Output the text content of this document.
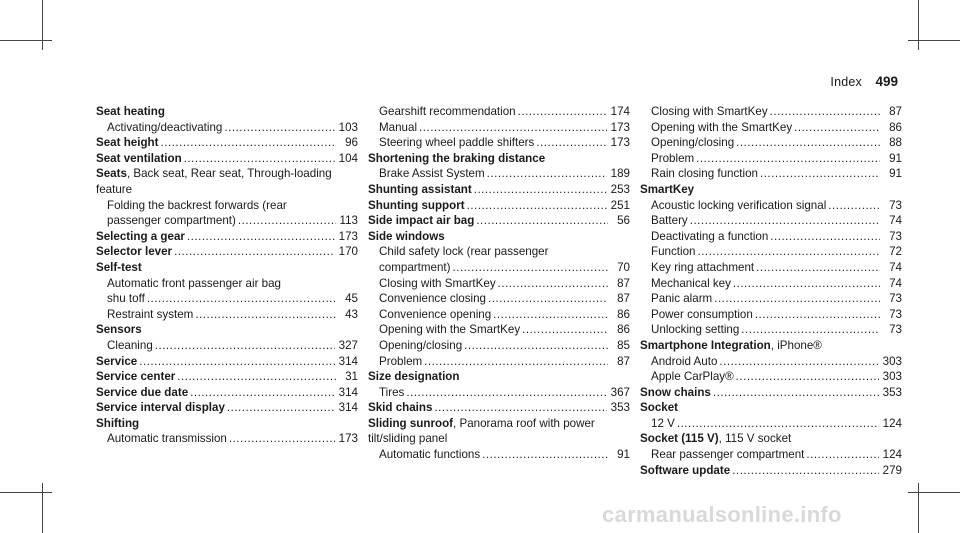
Index 499
Seat heating
Activating/deactivating .....	103
Seat height .....	96
Seat ventilation .....	104
Seats, Back seat, Rear seat, Through-loading feature
Folding the backrest forwards (rear
passenger compartment) .....	113
Selecting a gear .....	173
Selector lever .....	170
Self-test
Automatic front passenger air bag
shu toff .....	45
Restraint system .....	43
Sensors
Cleaning .....	327
Service .....	314
Service center .....	31
Service due date .....	314
Service interval display .....	314
Shifting
Automatic transmission .....	173
Gearshift recommendation .....	174
Manual .....	173
Steering wheel paddle shifters .....	173
Shortening the braking distance
Brake Assist System .....	189
Shunting assistant .....	253
Shunting support .....	251
Side impact air bag .....	56
Side windows
Child safety lock (rear passenger
compartment) .....	70
Closing with SmartKey .....	87
Convenience closing .....	87
Convenience opening .....	86
Opening with the SmartKey .....	86
Opening/closing .....	85
Problem .....	87
Size designation
Tires .....	367
Skid chains .....	353
Sliding sunroof, Panorama roof with power tilt/sliding panel
Automatic functions .....	91
Closing with SmartKey .....	87
Opening with the SmartKey .....	86
Opening/closing .....	88
Problem .....	91
Rain closing function .....	91
SmartKey
Acoustic locking verification signal .....	73
Battery .....	74
Deactivating a function .....	73
Function .....	72
Key ring attachment .....	74
Mechanical key .....	74
Panic alarm .....	73
Power consumption .....	73
Unlocking setting .....	73
Smartphone Integration, iPhone®
Android Auto .....	303
Apple CarPlay® .....	303
Snow chains .....	353
Socket
12 V .....	124
Socket (115 V), 115 V socket
Rear passenger compartment .....	124
Software update .....	279
carmanualsonline.info
